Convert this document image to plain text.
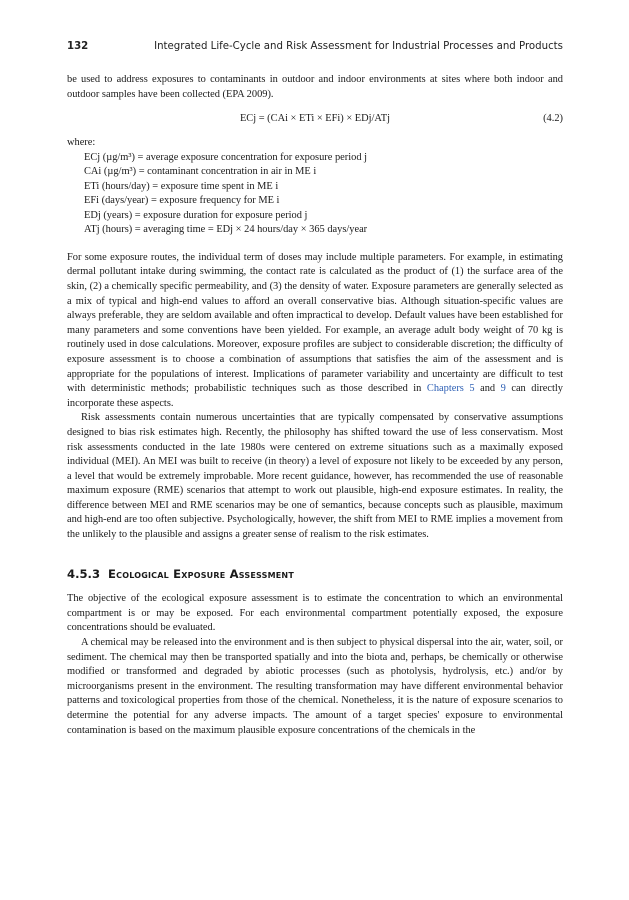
132	Integrated Life-Cycle and Risk Assessment for Industrial Processes and Products

be used to address exposures to contaminants in outdoor and indoor environments at sites where both indoor and outdoor samples have been collected (EPA 2009).

ECj = (CAi × ETi × EFi) × EDj/ATj	(4.2)
where:
ECj (µg/m³) = average exposure concentration for exposure period j
CAi (µg/m³) = contaminant concentration in air in ME i
ETi (hours/day) = exposure time spent in ME i
EFi (days/year) = exposure frequency for ME i
EDj (years) = exposure duration for exposure period j
ATj (hours) = averaging time = EDj × 24 hours/day × 365 days/year

For some exposure routes, the individual term of doses may include multiple parameters. For example, in estimating dermal pollutant intake during swimming, the contact rate is calculated as the product of (1) the surface area of the skin, (2) a chemically specific permeability, and (3) the density of water. Exposure parameters are generally selected as a mix of typical and high-end values to afford an overall conservative bias. Although situation-specific values are always preferable, they are seldom available and often impractical to develop. Default values have been established for many parameters and some conventions have been yielded. For example, an average adult body weight of 70 kg is routinely used in dose calculations. Moreover, exposure profiles are subject to considerable discretion; the difficulty of exposure assessment is to choose a combination of assumptions that satisfies the aim of the assessment and is appropriate for the populations of interest. Implications of parameter variability and uncertainty are difficult to test with deterministic methods; probabilistic techniques such as those described in Chapters 5 and 9 can directly incorporate these aspects.

Risk assessments contain numerous uncertainties that are typically compensated by conservative assumptions designed to bias risk estimates high. Recently, the philosophy has shifted toward the use of less conservatism. Most risk assessments conducted in the late 1980s were centered on extreme situations such as a maximally exposed individual (MEI). An MEI was built to receive (in theory) a level of exposure not likely to be exceeded by any person, a level that would be extremely improbable. More recent guidance, however, has recommended the use of reasonable maximum exposure (RME) scenarios that attempt to work out plausible, high-end exposure estimates. In reality, the difference between MEI and RME scenarios may be one of semantics, because concepts such as plausible, maximum and high-end are too often subjective. Psychologically, however, the shift from MEI to RME implies a movement from the unlikely to the plausible and assigns a greater sense of realism to the risk estimates.

4.5.3 Ecological Exposure Assessment

The objective of the ecological exposure assessment is to estimate the concentration to which an environmental compartment is or may be exposed. For each environmental compartment potentially exposed, the exposure concentrations should be evaluated.

A chemical may be released into the environment and is then subject to physical dispersal into the air, water, soil, or sediment. The chemical may then be transported spatially and into the biota and, perhaps, be chemically or otherwise modified or transformed and degraded by abiotic processes (such as photolysis, hydrolysis, etc.) and/or by microorganisms present in the environment. The resulting transformation may have different environmental behavior patterns and toxicological properties from those of the chemical. Nonetheless, it is the nature of exposure scenarios to determine the potential for any adverse impacts. The amount of a target species' exposure to environmental contamination is based on the maximum plausible exposure concentrations of the chemicals in the
